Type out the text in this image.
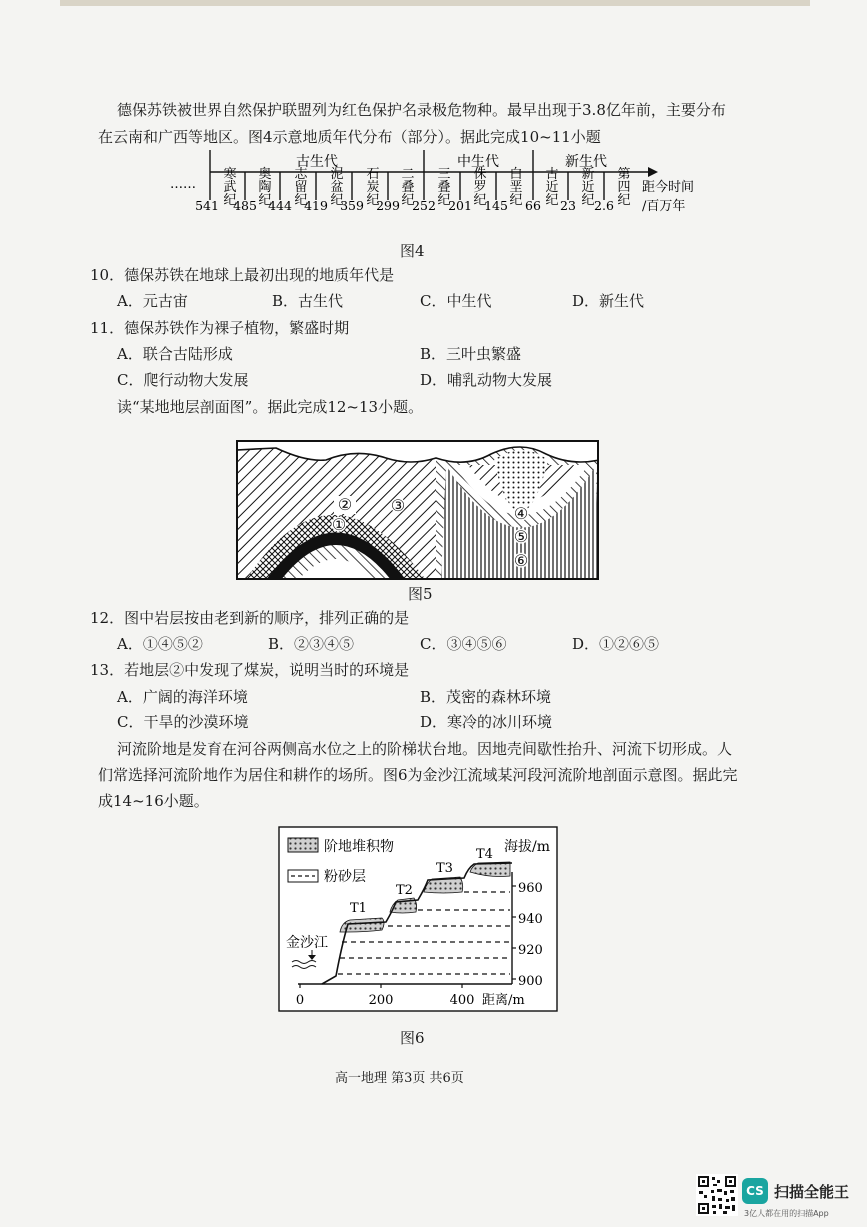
德保苏铁被世界自然保护联盟列为红色保护名录极危物种。最早出现于3.8亿年前，主要分布
在云南和广西等地区。图4示意地质年代分布（部分）。据此完成10~11小题
……
古生代	中生代	新生代
寒武纪 奥陶纪 志留纪 泥盆纪 石炭纪 二叠纪 三叠纪 侏罗纪 白垩纪 古近纪 新近纪 第四纪
541 485 444 419 359 299 252 201 145 66 23 2.6
距今时间
/百万年
图4
10．德保苏铁在地球上最初出现的地质年代是
A．元古宙	B．古生代	C．中生代	D．新生代
11．德保苏铁作为裸子植物，繁盛时期
A．联合古陆形成	B．三叶虫繁盛
C．爬行动物大发展	D．哺乳动物大发展
读“某地地层剖面图”。据此完成12~13小题。
①
② ③	④
⑤
⑥
图5
12．图中岩层按由老到新的顺序，排列正确的是
A．①④⑤②	B．②③④⑤	C．③④⑤⑥	D．①②⑥⑤
13．若地层②中发现了煤炭，说明当时的环境是
A．广阔的海洋环境	B．茂密的森林环境
C．干旱的沙漠环境	D．寒冷的冰川环境
河流阶地是发育在河谷两侧高水位之上的阶梯状台地。因地壳间歇性抬升、河流下切形成。人
们常选择河流阶地作为居住和耕作的场所。图6为金沙江流域某河段河流阶地剖面示意图。据此完
成14~16小题。
阶地堆积物
粉砂层
金沙江
T1
T2
T3
T4 海拔/m
960
940
920
900
0	200	400 距离/m
图6
高一地理 第3页 共6页
CS 扫描全能王
3亿人都在用的扫描App
